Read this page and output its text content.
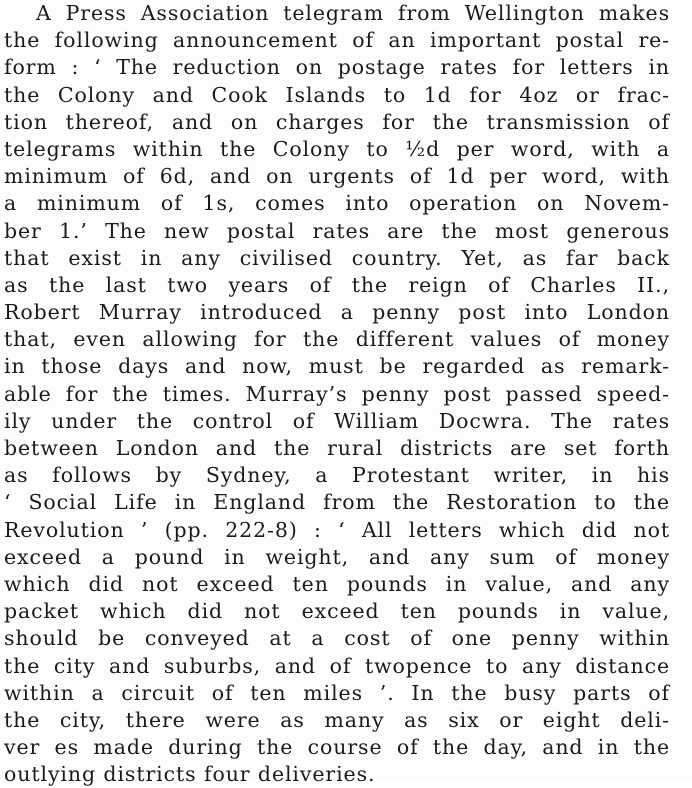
A Press Association telegram from Wellington makes
the following announcement of an important postal re-
form : ‘ The reduction on postage rates for letters in
the Colony and Cook Islands to 1d for 4oz or frac-
tion thereof, and on charges for the transmission of
telegrams within the Colony to ½d per word, with a
minimum of 6d, and on urgents of 1d per word, with
a minimum of 1s, comes into operation on Novem-
ber 1.’ The new postal rates are the most generous
that exist in any civilised country. Yet, as far back
as the last two years of the reign of Charles II.,
Robert Murray introduced a penny post into London
that, even allowing for the different values of money
in those days and now, must be regarded as remark-
able for the times. Murray’s penny post passed speed-
ily under the control of William Docwra. The rates
between London and the rural districts are set forth
as follows by Sydney, a Protestant writer, in his
‘ Social Life in England from the Restoration to the
Revolution ’ (pp. 222-8) : ‘ All letters which did not
exceed a pound in weight, and any sum of money
which did not exceed ten pounds in value, and any
packet which did not exceed ten pounds in value,
should be conveyed at a cost of one penny within
the city and suburbs, and of twopence to any distance
within a circuit of ten miles ’. In the busy parts of
the city, there were as many as six or eight deli-
ver es made during the course of the day, and in the
outlying districts four deliveries.
